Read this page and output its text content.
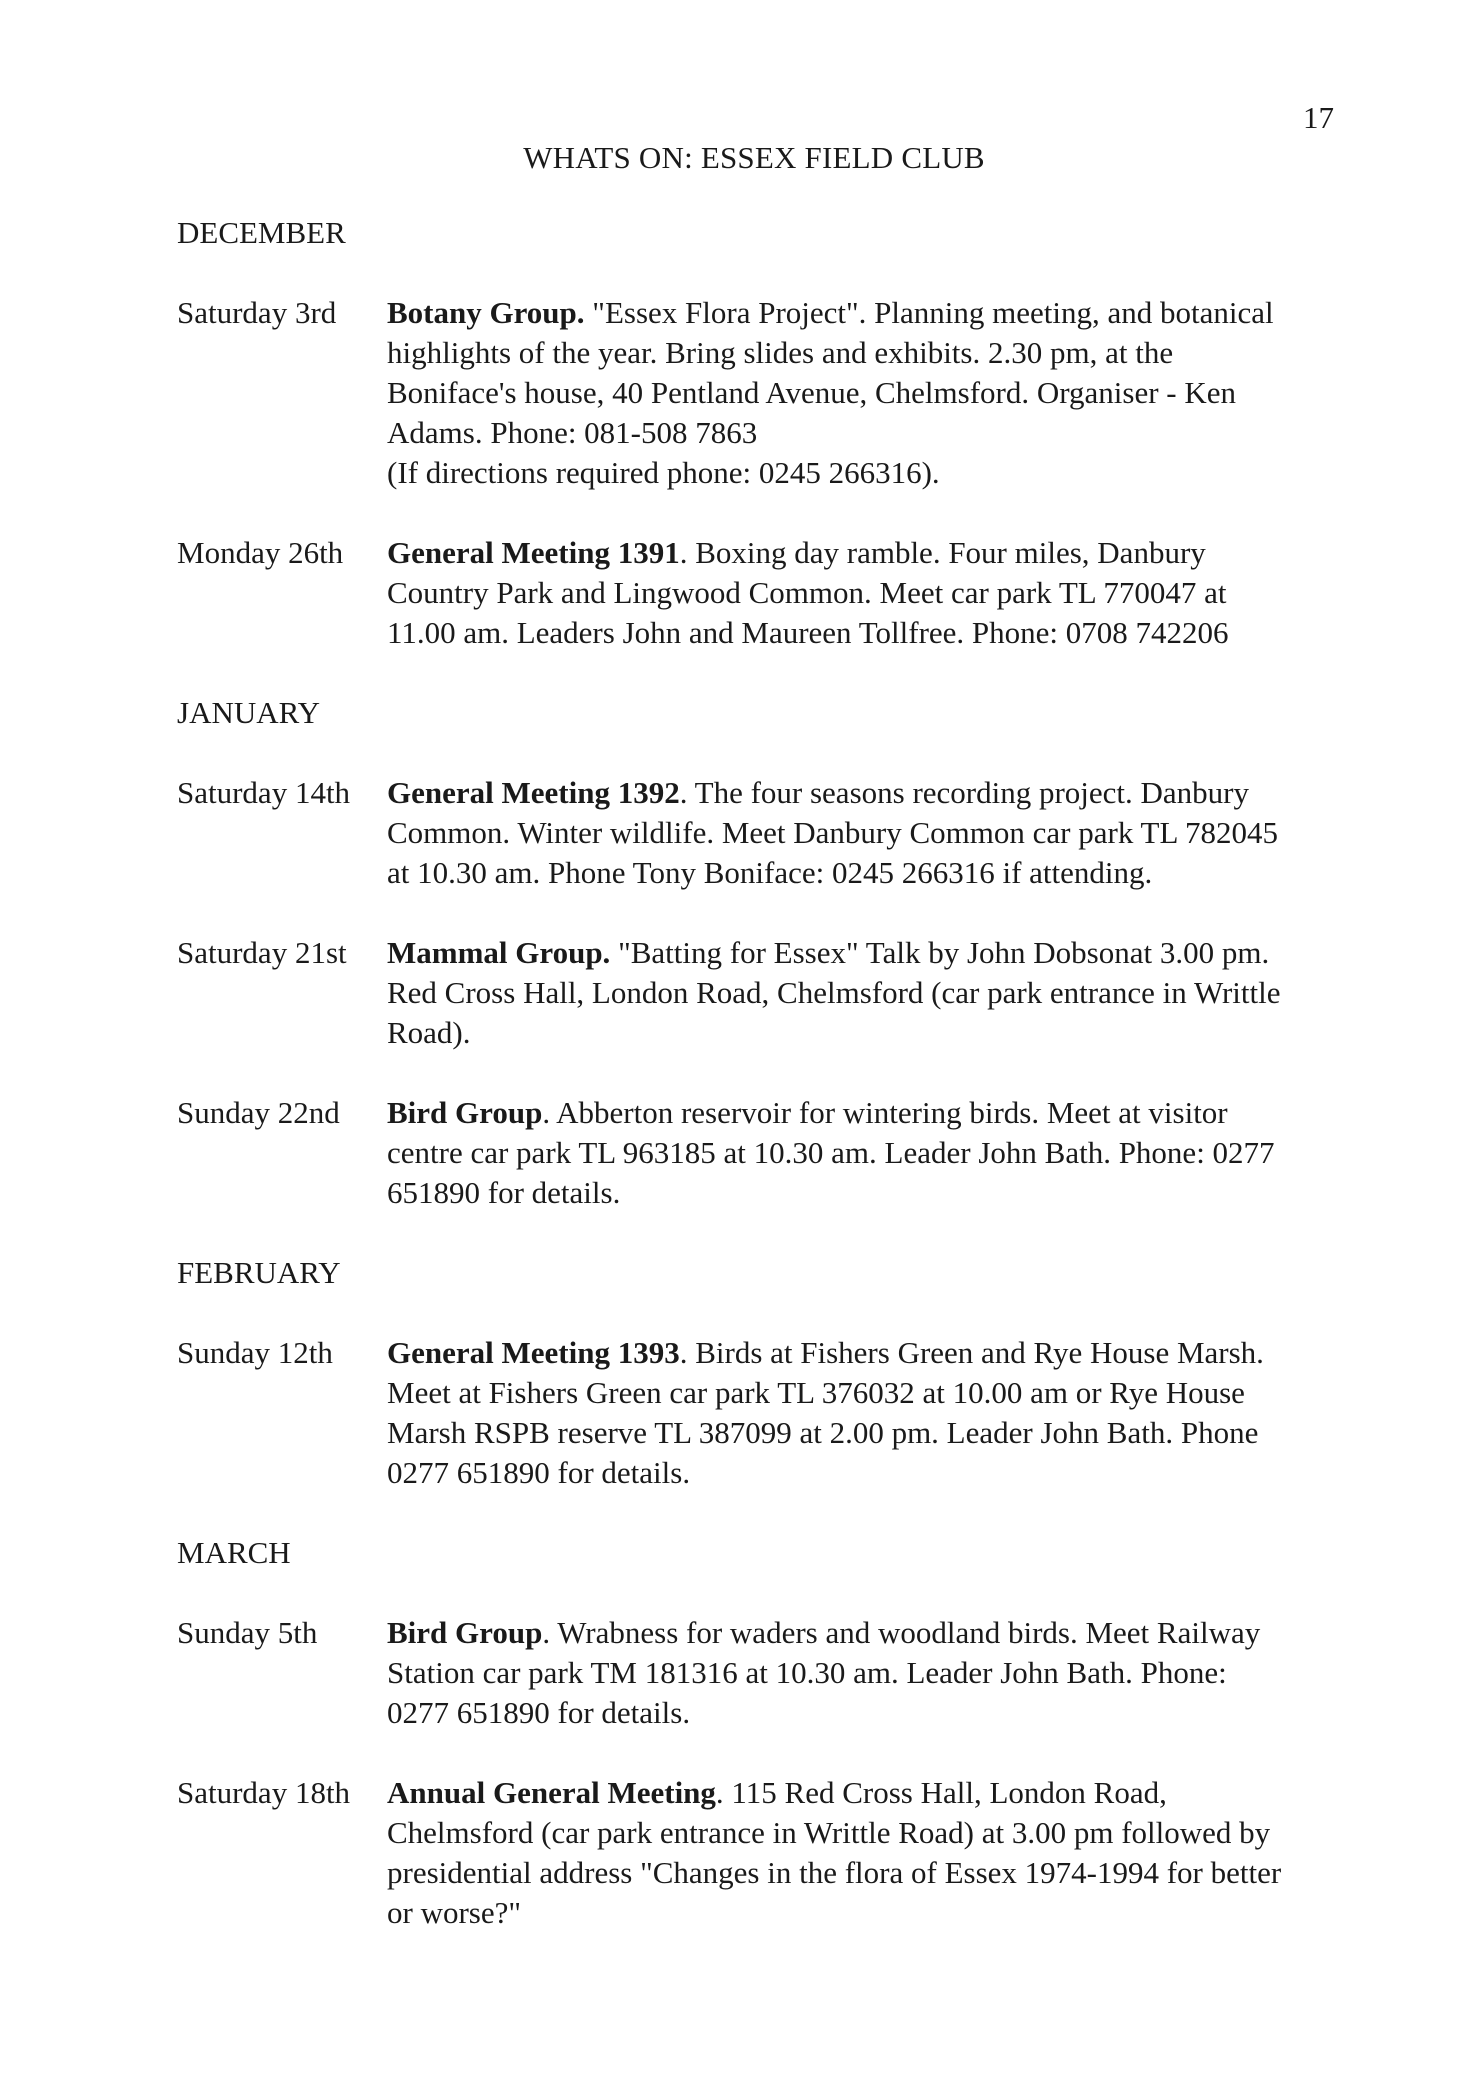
17
WHATS ON: ESSEX FIELD CLUB
DECEMBER
Saturday 3rd	Botany Group. "Essex Flora Project". Planning meeting, and botanical
highlights of the year. Bring slides and exhibits. 2.30 pm, at the
Boniface's house, 40 Pentland Avenue, Chelmsford. Organiser - Ken
Adams. Phone: 081-508 7863
(If directions required phone: 0245 266316).
Monday 26th	General Meeting 1391. Boxing day ramble. Four miles, Danbury
Country Park and Lingwood Common. Meet car park TL 770047 at
11.00 am. Leaders John and Maureen Tollfree. Phone: 0708 742206
JANUARY
Saturday 14th	General Meeting 1392. The four seasons recording project. Danbury
Common. Winter wildlife. Meet Danbury Common car park TL 782045
at 10.30 am. Phone Tony Boniface: 0245 266316 if attending.
Saturday 21st	Mammal Group. "Batting for Essex" Talk by John Dobsonat 3.00 pm.
Red Cross Hall, London Road, Chelmsford (car park entrance in Writtle
Road).
Sunday 22nd	Bird Group. Abberton reservoir for wintering birds. Meet at visitor
centre car park TL 963185 at 10.30 am. Leader John Bath. Phone: 0277
651890 for details.
FEBRUARY
Sunday 12th	General Meeting 1393. Birds at Fishers Green and Rye House Marsh.
Meet at Fishers Green car park TL 376032 at 10.00 am or Rye House
Marsh RSPB reserve TL 387099 at 2.00 pm. Leader John Bath. Phone
0277 651890 for details.
MARCH
Sunday 5th	Bird Group. Wrabness for waders and woodland birds. Meet Railway
Station car park TM 181316 at 10.30 am. Leader John Bath. Phone:
0277 651890 for details.
Saturday 18th	Annual General Meeting. 115 Red Cross Hall, London Road,
Chelmsford (car park entrance in Writtle Road) at 3.00 pm followed by
presidential address "Changes in the flora of Essex 1974-1994 for better
or worse?"
